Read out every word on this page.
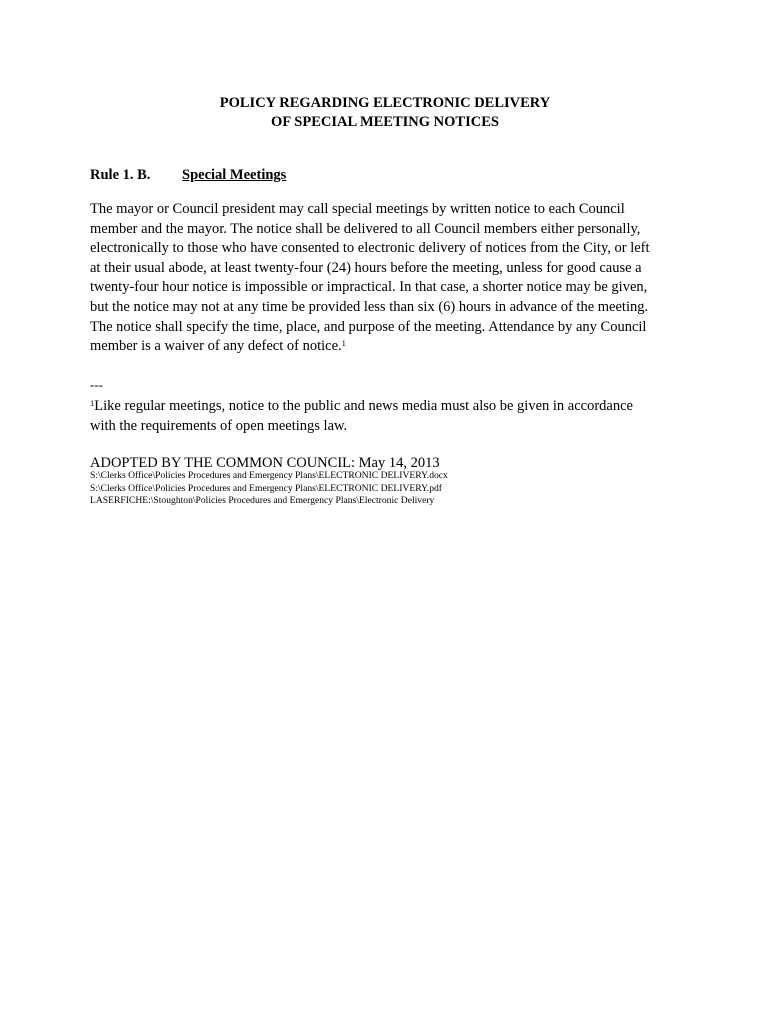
POLICY REGARDING ELECTRONIC DELIVERY
OF SPECIAL MEETING NOTICES
Rule 1. B. Special Meetings
The mayor or Council president may call special meetings by written notice to each Council
member and the mayor. The notice shall be delivered to all Council members either personally,
electronically to those who have consented to electronic delivery of notices from the City, or left
at their usual abode, at least twenty-four (24) hours before the meeting, unless for good cause a
twenty-four hour notice is impossible or impractical. In that case, a shorter notice may be given,
but the notice may not at any time be provided less than six (6) hours in advance of the meeting.
The notice shall specify the time, place, and purpose of the meeting. Attendance by any Council
member is a waiver of any defect of notice.$^1$
---
$^1$Like regular meetings, notice to the public and news media must also be given in accordance
with the requirements of open meetings law.
ADOPTED BY THE COMMON COUNCIL: May 14, 2013
S:\Clerks Office\Policies Procedures and Emergency Plans\ELECTRONIC DELIVERY.docx
S:\Clerks Office\Policies Procedures and Emergency Plans\ELECTRONIC DELIVERY.pdf
LASERFICHE:\Stoughton\Policies Procedures and Emergency Plans\Electronic Delivery
